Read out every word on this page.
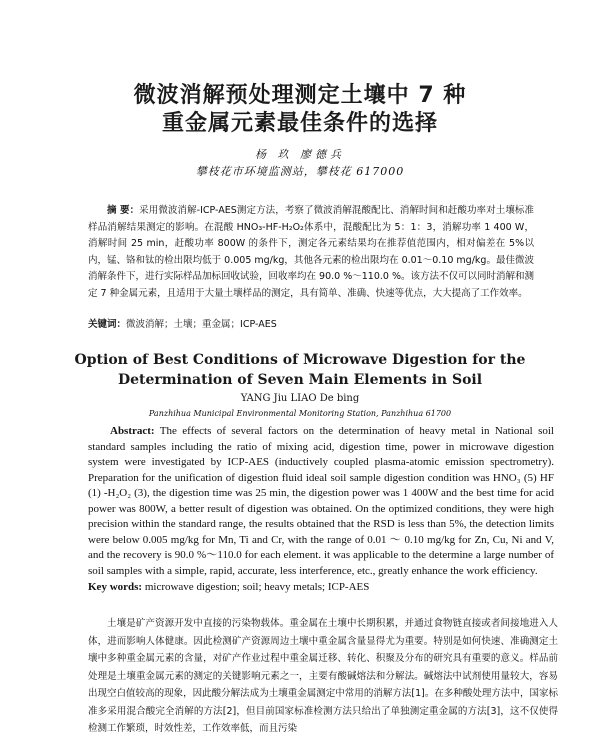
微波消解预处理测定土壤中 7 种
重金属元素最佳条件的选择
杨 玖 廖德兵
攀枝花市环境监测站，攀枝花 617000

摘 要：采用微波消解-ICP-AES测定方法，考察了微波消解混酸配比、消解时间和赶酸功率对土壤标准样品消解结果测定的影响。在混酸 HNO₃-HF-H₂O₂体系中，混酸配比为 5：1：3，消解功率 1 400 W，消解时间 25 min，赶酸功率 800W 的条件下，测定各元素结果均在推荐值范围内，相对偏差在 5%以内，锰、铬和钛的检出限均低于 0.005 mg/kg，其他各元素的检出限均在 0.01～0.10 mg/kg。最佳微波消解条件下，进行实际样品加标回收试验，回收率均在 90.0 %～110.0 %。该方法不仅可以同时消解和测定 7 种金属元素，且适用于大量土壤样品的测定，具有简单、准确、快速等优点，大大提高了工作效率。

关键词：微波消解；土壤；重金属；ICP-AES
Option of Best Conditions of Microwave Digestion for the
Determination of Seven Main Elements in Soil
YANG Jiu LIAO De bing
Panzhihua Municipal Environmental Monitoring Station, Panzhihua 61700

Abstract: The effects of several factors on the determination of heavy metal in National soil standard samples including the ratio of mixing acid, digestion time, power in microwave digestion system were investigated by ICP-AES (inductively coupled plasma-atomic emission spectrometry). Preparation for the unification of digestion fluid ideal soil sample digestion condition was HNO₃ (5) HF (1) -H₂O₂ (3), the digestion time was 25 min, the digestion power was 1 400W and the best time for acid power was 800W, a better result of digestion was obtained. On the optimized conditions, they were high precision within the standard range, the results obtained that the RSD is less than 5%, the detection limits were below 0.005 mg/kg for Mn, Ti and Cr, with the range of 0.01 ～ 0.10 mg/kg for Zn, Cu, Ni and V, and the recovery is 90.0 %～110.0 for each element. it was applicable to the determine a large number of soil samples with a simple, rapid, accurate, less interference, etc., greatly enhance the work efficiency.

Key words: microwave digestion; soil; heavy metals; ICP-AES

土壤是矿产资源开发中直接的污染物载体。重金属在土壤中长期积累，并通过食物链直接或者间接地进入人体，进而影响人体健康。因此检测矿产资源周边土壤中重金属含量显得尤为重要。特别是如何快速、准确测定土壤中多种重金属元素的含量，对矿产作业过程中重金属迁移、转化、积聚及分布的研究具有重要的意义。样品前处理是土壤重金属元素的测定的关键影响元素之一，主要有酸碱熔法和分解法。碱熔法中试剂使用量较大，容易出现空白值较高的现象，因此酸分解法成为土壤重金属测定中常用的消解方法[1]。在多种酸处理方法中，国家标准多采用混合酸完全消解的方法[2]，但目前国家标准检测方法只给出了单独测定重金属的方法[3]，这不仅使得检测工作繁琐，时效性差，工作效率低，而且污染
